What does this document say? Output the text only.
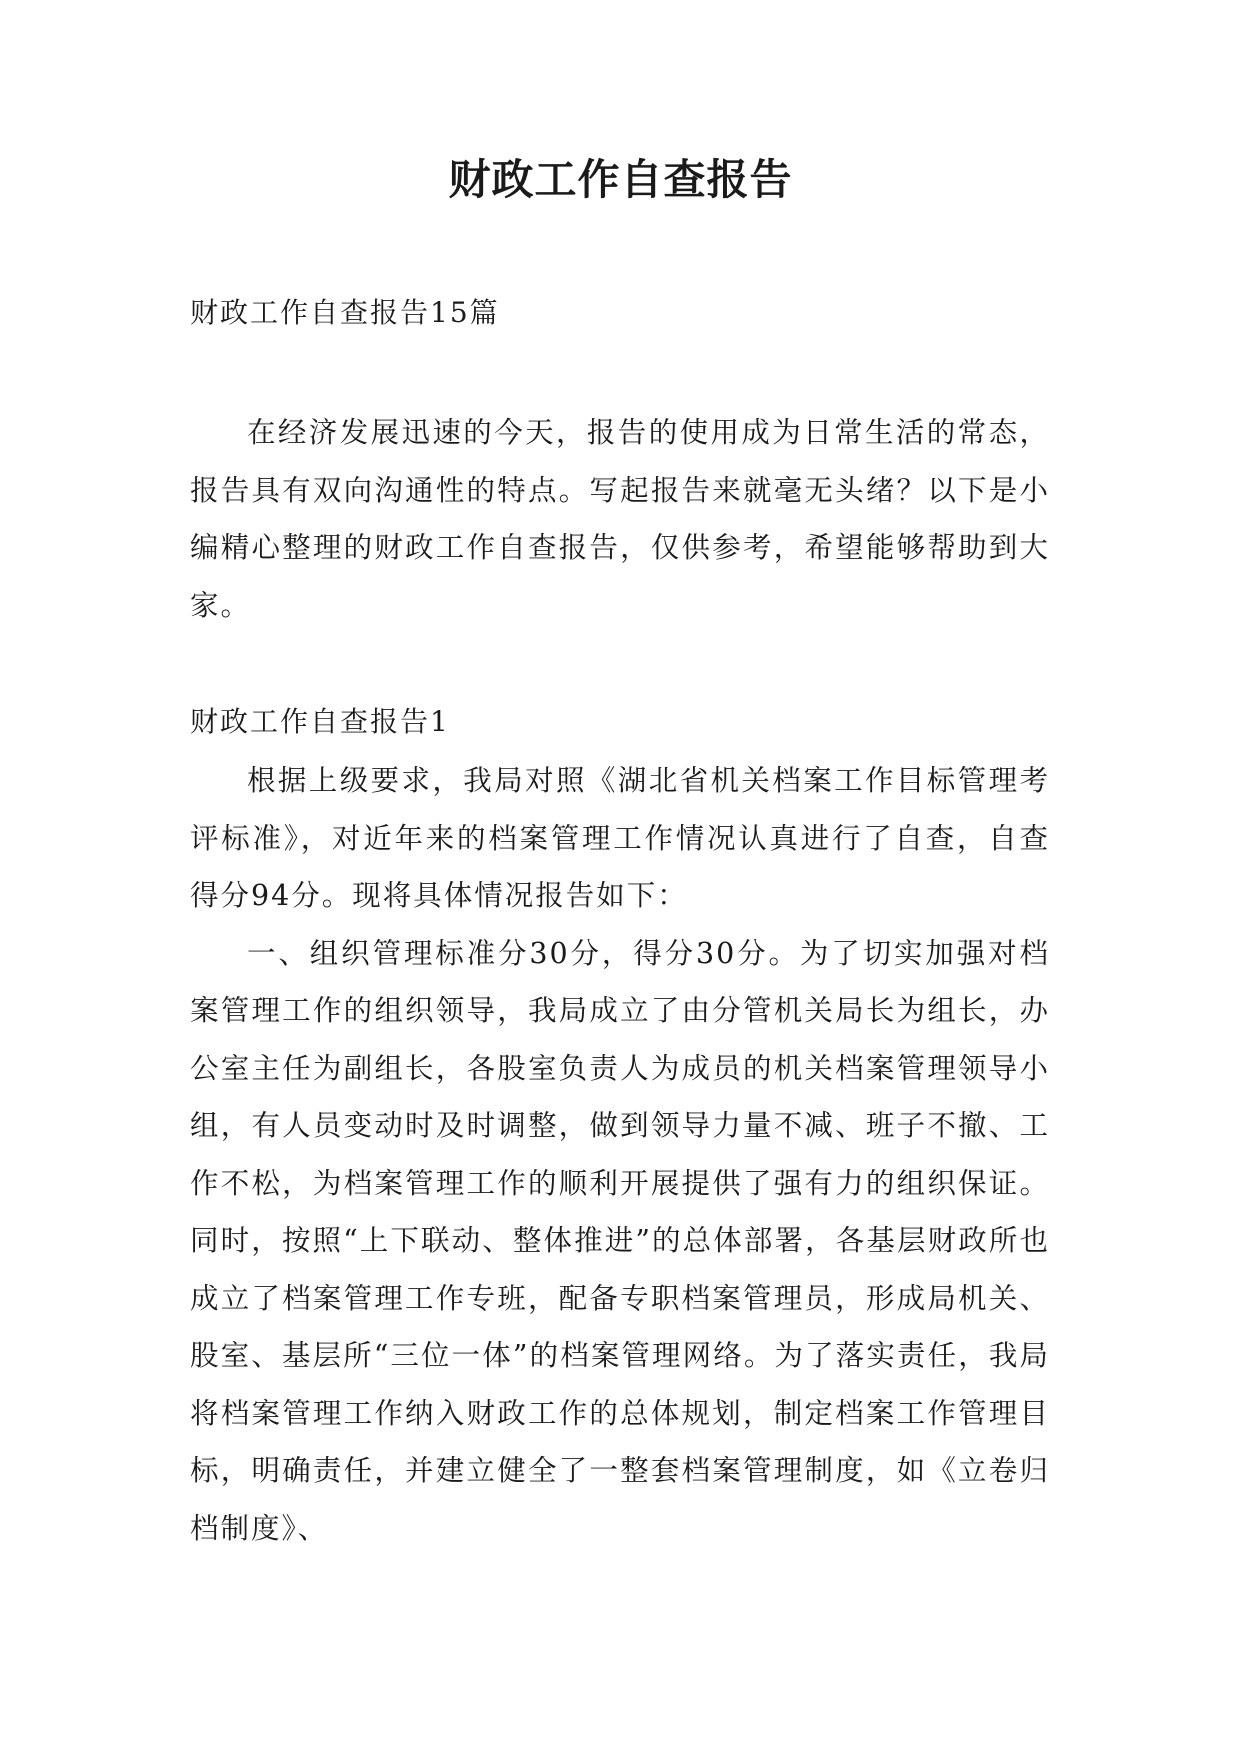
财政工作自查报告
财政工作自查报告15篇

在经济发展迅速的今天，报告的使用成为日常生活的常态，报告具有双向沟通性的特点。写起报告来就毫无头绪？以下是小编精心整理的财政工作自查报告，仅供参考，希望能够帮助到大家。

财政工作自查报告1

根据上级要求，我局对照《湖北省机关档案工作目标管理考评标准》，对近年来的档案管理工作情况认真进行了自查，自查得分94分。现将具体情况报告如下：

一、组织管理标准分30分，得分30分。为了切实加强对档案管理工作的组织领导，我局成立了由分管机关局长为组长，办公室主任为副组长，各股室负责人为成员的机关档案管理领导小组，有人员变动时及时调整，做到领导力量不减、班子不撤、工作不松，为档案管理工作的顺利开展提供了强有力的组织保证。同时，按照“上下联动、整体推进”的总体部署，各基层财政所也成立了档案管理工作专班，配备专职档案管理员，形成局机关、股室、基层所“三位一体”的档案管理网络。为了落实责任，我局将档案管理工作纳入财政工作的总体规划，制定档案工作管理目标，明确责任，并建立健全了一整套档案管理制度，如《立卷归档制度》、
